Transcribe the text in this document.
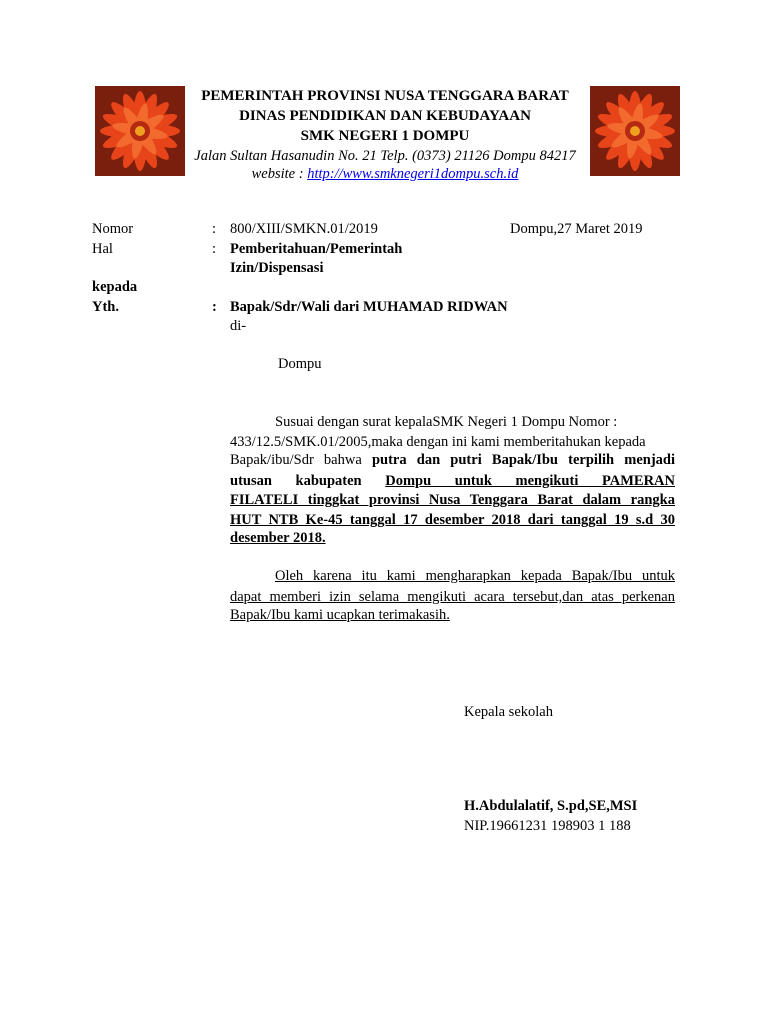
PEMERINTAH PROVINSI NUSA TENGGARA BARAT
DINAS PENDIDIKAN DAN KEBUDAYAAN
SMK NEGERI 1 DOMPU
Jalan Sultan Hasanudin No. 21 Telp. (0373) 21126 Dompu 84217
website : http://www.smknegeri1dompu.sch.id
Nomor	: 800/XIII/SMKN.01/2019	Dompu,27 Maret 2019
Hal	: Pemberitahuan/Pemerintah
Izin/Dispensasi
kepada
Yth.	: Bapak/Sdr/Wali dari MUHAMAD RIDWAN
di-
Dompu
Susuai dengan surat kepalaSMK Negeri 1 Dompu Nomor :
433/12.5/SMK.01/2005,maka dengan ini kami memberitahukan kepada
Bapak/ibu/Sdr bahwa putra dan putri Bapak/Ibu terpilih menjadi
utusan kabupaten Dompu untuk mengikuti PAMERAN
FILATELI tinggkat provinsi Nusa Tenggara Barat dalam rangka
HUT NTB Ke-45 tanggal 17 desember 2018 dari tanggal 19 s.d 30
desember 2018.
Oleh karena itu kami mengharapkan kepada Bapak/Ibu untuk
dapat memberi izin selama mengikuti acara tersebut,dan atas perkenan
Bapak/Ibu kami ucapkan terimakasih.
Kepala sekolah
H.Abdulalatif, S.pd,SE,MSI
NIP.19661231 198903 1 188
